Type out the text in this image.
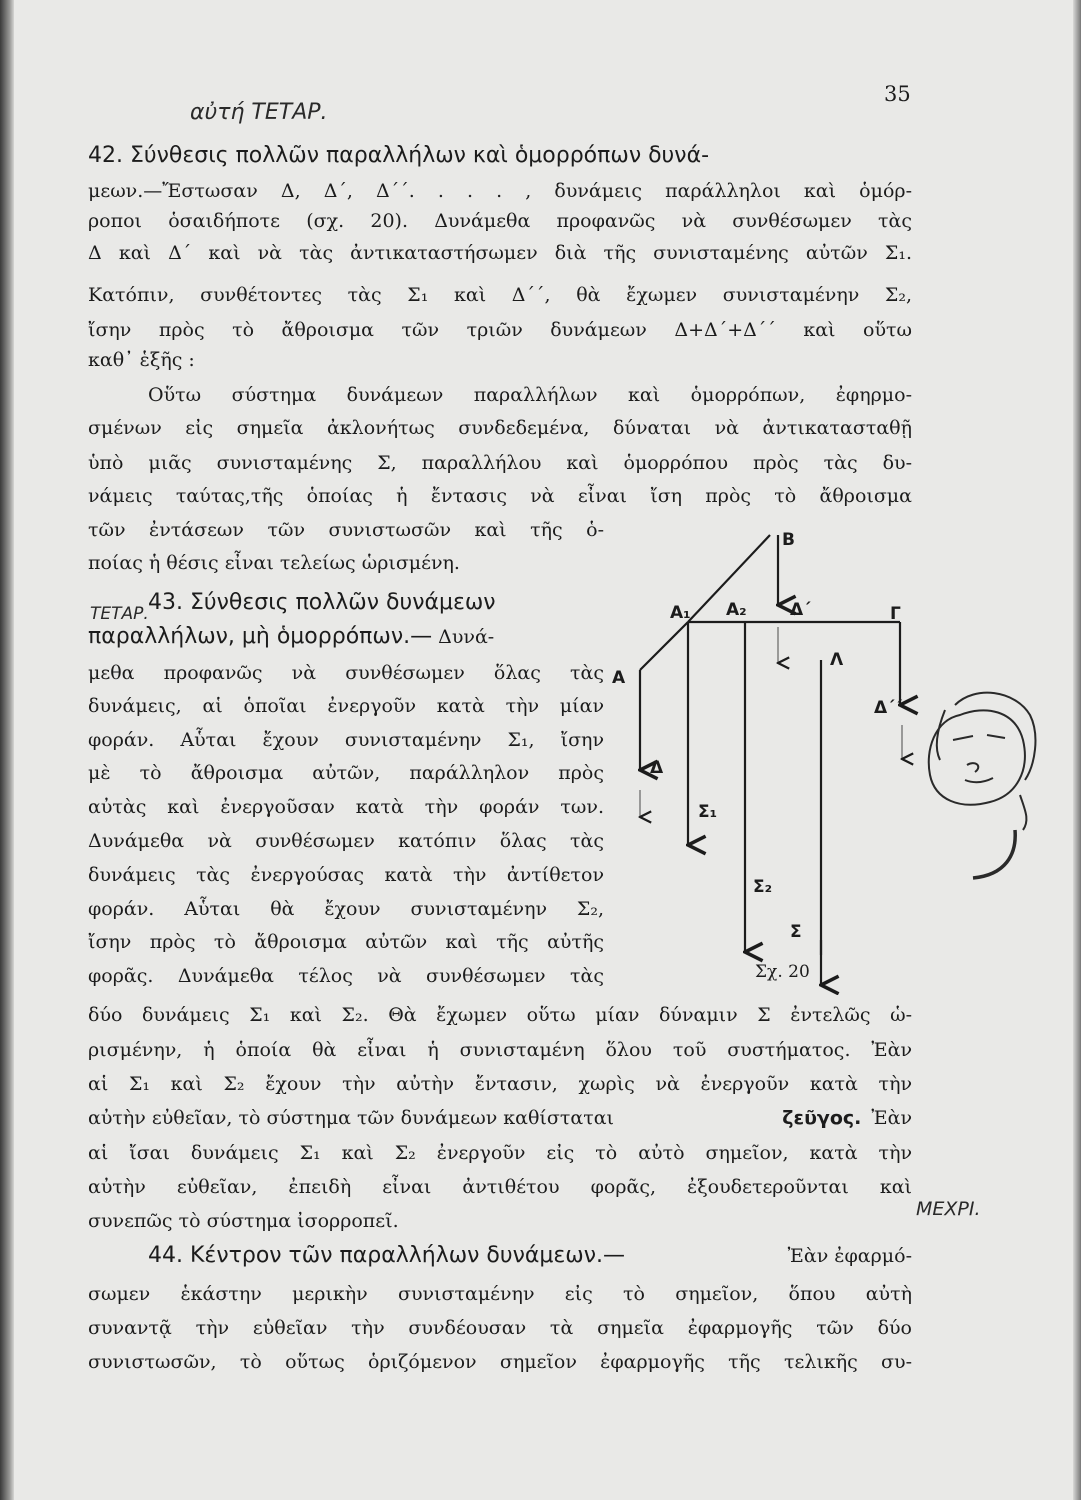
35
αὐτή ΤΕΤΑΡ.
ΤΕΤΑΡ.
ΜΕΧΡΙ.
42. Σύνθεσις πολλῶν παραλλήλων καὶ ὁμορρόπων δυνά-
μεων.—Ἔστωσαν Δ, Δ΄, Δ΄΄. . . . , δυνάμεις παράλληλοι καὶ ὁμόρ-
ροποι ὁσαιδήποτε (σχ. 20). Δυνάμεθα προφανῶς νὰ συνθέσωμεν τὰς
Δ καὶ Δ΄ καὶ νὰ τὰς ἀντικαταστήσωμεν διὰ τῆς συνισταμένης αὐτῶν Σ₁.
Κατόπιν, συνθέτοντες τὰς Σ₁ καὶ Δ΄΄, θὰ ἔχωμεν συνισταμένην Σ₂,
ἴσην πρὸς τὸ ἄθροισμα τῶν τριῶν δυνάμεων Δ+Δ΄+Δ΄΄ καὶ οὕτω
καθ᾿ ἑξῆς :
Οὕτω σύστημα δυνάμεων παραλλήλων καὶ ὁμορρόπων, ἐφηρμο-
σμένων εἰς σημεῖα ἀκλονήτως συνδεδεμένα, δύναται νὰ ἀντικατασταθῇ
ὑπὸ μιᾶς συνισταμένης Σ, παραλλήλου καὶ ὁμορρόπου πρὸς τὰς δυ-
νάμεις ταύτας,τῆς ὁποίας ἡ ἔντασις νὰ εἶναι ἴση πρὸς τὸ ἄθροισμα
τῶν ἐντάσεων τῶν συνιστωσῶν καὶ τῆς ὁ-
ποίας ἡ θέσις εἶναι τελείως ὡρισμένη.
43. Σύνθεσις πολλῶν δυνάμεων
παραλλήλων, μὴ ὁμορρόπων.— Δυνά-
μεθα προφανῶς νὰ συνθέσωμεν ὅλας τὰς
δυνάμεις, αἱ ὁποῖαι ἐνεργοῦν κατὰ τὴν μίαν
φοράν. Αὗται ἔχουν συνισταμένην Σ₁, ἴσην
μὲ τὸ ἄθροισμα αὐτῶν, παράλληλον πρὸς
αὐτὰς καὶ ἐνεργοῦσαν κατὰ τὴν φοράν των.
Δυνάμεθα νὰ συνθέσωμεν κατόπιν ὅλας τὰς
δυνάμεις τὰς ἐνεργούσας κατὰ τὴν ἀντίθετον
φοράν. Αὗται θὰ ἔχουν συνισταμένην Σ₂,
ἴσην πρὸς τὸ ἄθροισμα αὐτῶν καὶ τῆς αὐτῆς
φορᾶς. Δυνάμεθα τέλος νὰ συνθέσωμεν τὰς
δύο δυνάμεις Σ₁ καὶ Σ₂. Θὰ ἔχωμεν οὕτω μίαν δύναμιν Σ ἐντελῶς ὡ-
ρισμένην, ἡ ὁποία θὰ εἶναι ἡ συνισταμένη ὅλου τοῦ συστήματος. Ἐὰν
αἱ Σ₁ καὶ Σ₂ ἔχουν τὴν αὐτὴν ἔντασιν, χωρὶς νὰ ἐνεργοῦν κατὰ τὴν
αὐτὴν εὐθεῖαν, τὸ σύστημα τῶν δυνάμεων καθίσταται	ζεῦγος. Ἐὰν
αἱ ἴσαι δυνάμεις Σ₁ καὶ Σ₂ ἐνεργοῦν εἰς τὸ αὐτὸ σημεῖον, κατὰ τὴν
αὐτὴν εὐθεῖαν, ἐπειδὴ εἶναι ἀντιθέτου φορᾶς, ἐξουδετεροῦνται καὶ
συνεπῶς τὸ σύστημα ἰσορροπεῖ.
44. Κέντρον τῶν παραλλήλων δυνάμεων.—	Ἐὰν ἐφαρμό-
σωμεν ἑκάστην μερικὴν συνισταμένην εἰς τὸ σημεῖον, ὅπου αὐτὴ
συναντᾷ τὴν εὐθεῖαν τὴν συνδέουσαν τὰ σημεῖα ἐφαρμογῆς τῶν δύο
συνιστωσῶν, τὸ οὕτως ὁριζόμενον σημεῖον ἐφαρμογῆς τῆς τελικῆς συ-
B
A₁ A₂	Δ΄	Γ
A
Λ
Δ΄΄
Δ
Σ₁
Σ₂
Σ
Σχ. 20
